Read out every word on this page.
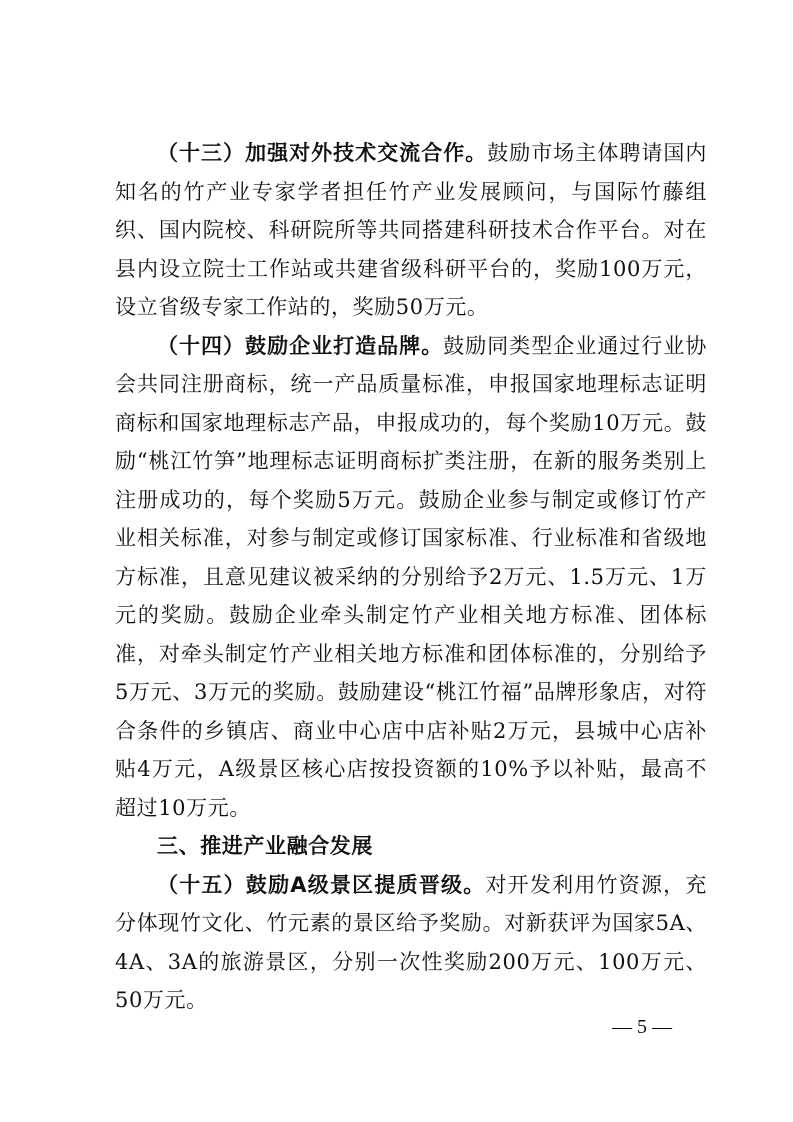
（十三）加强对外技术交流合作。鼓励市场主体聘请国内知名的竹产业专家学者担任竹产业发展顾问，与国际竹藤组织、国内院校、科研院所等共同搭建科研技术合作平台。对在县内设立院士工作站或共建省级科研平台的，奖励100万元，设立省级专家工作站的，奖励50万元。

（十四）鼓励企业打造品牌。鼓励同类型企业通过行业协会共同注册商标，统一产品质量标准，申报国家地理标志证明商标和国家地理标志产品，申报成功的，每个奖励10万元。鼓励“桃江竹笋”地理标志证明商标扩类注册，在新的服务类别上注册成功的，每个奖励5万元。鼓励企业参与制定或修订竹产业相关标准，对参与制定或修订国家标准、行业标准和省级地方标准，且意见建议被采纳的分别给予2万元、1.5万元、1万元的奖励。鼓励企业牵头制定竹产业相关地方标准、团体标准，对牵头制定竹产业相关地方标准和团体标准的，分别给予5万元、3万元的奖励。鼓励建设“桃江竹福”品牌形象店，对符合条件的乡镇店、商业中心店中店补贴2万元，县城中心店补贴4万元，A级景区核心店按投资额的10%予以补贴，最高不超过10万元。

三、推进产业融合发展

（十五）鼓励A级景区提质晋级。对开发利用竹资源，充分体现竹文化、竹元素的景区给予奖励。对新获评为国家5A、4A、3A的旅游景区，分别一次性奖励200万元、100万元、50万元。

— 5 —
